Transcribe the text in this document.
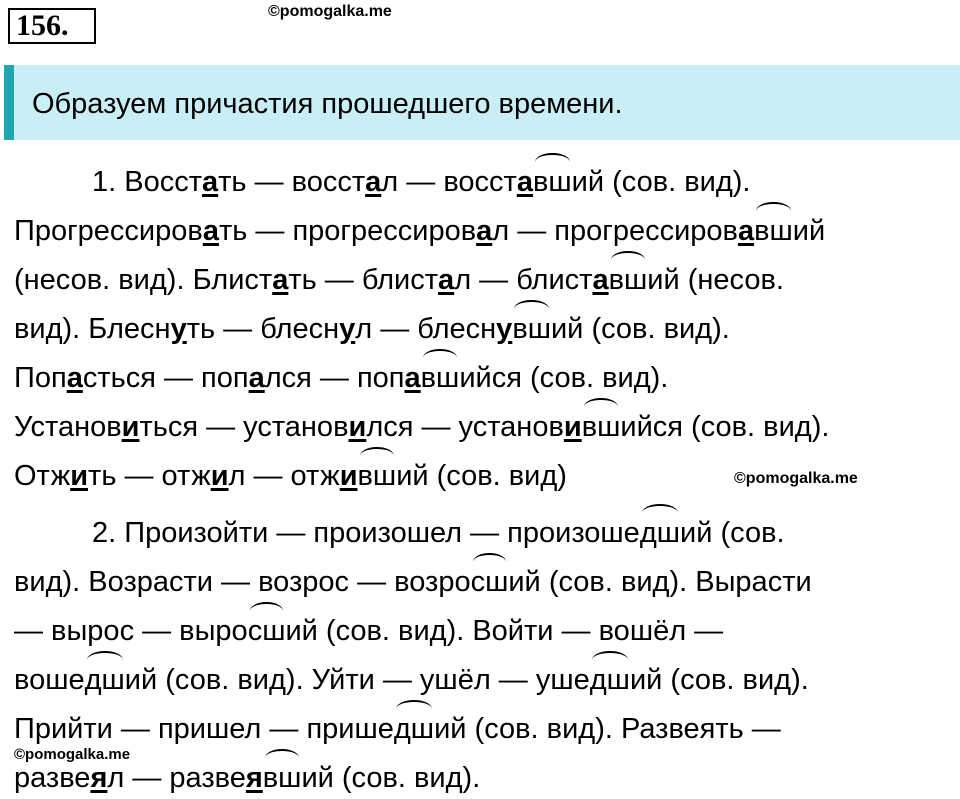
156.	©pomogalka.me
Образуем причастия прошедшего времени.
1. Восстать — восстал — восставший (сов. вид).
Прогрессировать — прогрессировал — прогрессировавший
(несов. вид). Блистать — блистал — блиставший (несов.
вид). Блеснуть — блеснул — блеснувший (сов. вид).
Попасться — попался — попавшийся (сов. вид).
Установиться — установился — установившийся (сов. вид).
Отжить — отжил — отживший (сов. вид)	©pomogalka.me
2. Произойти — произошел — произошедший (сов.
вид). Возрасти — возрос — возросший (сов. вид). Вырасти
— вырос — выросший (сов. вид). Войти — вошёл —
вошедший (сов. вид). Уйти — ушёл — ушедший (сов. вид).
Прийти — пришел — пришедший (сов. вид). Развеять —
развеял — развеявший (сов. вид).
©pomogalka.me
